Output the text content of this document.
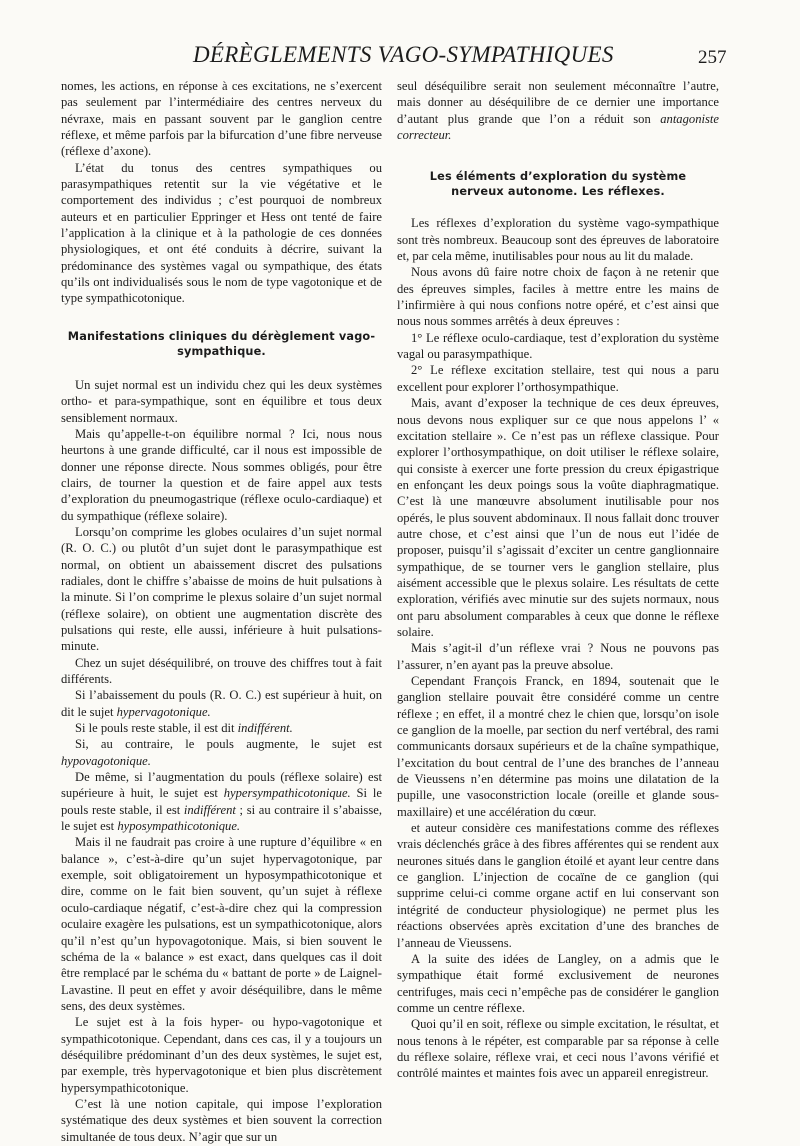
DÉRÈGLEMENTS VAGO-SYMPATHIQUES	257

nomes, les actions, en réponse à ces excitations, ne s’exercent pas seulement par l’intermédiaire des centres nerveux du névraxe, mais en passant souvent par le ganglion centre réflexe, et même parfois par la bifurcation d’une fibre nerveuse (réflexe d’axone).

L’état du tonus des centres sympathiques ou parasympathiques retentit sur la vie végétative et le comportement des individus ; c’est pourquoi de nombreux auteurs et en particulier Eppringer et Hess ont tenté de faire l’application à la clinique et à la pathologie de ces données physiologiques, et ont été conduits à décrire, suivant la prédominance des systèmes vagal ou sympathique, des états qu’ils ont individualisés sous le nom de type vagotonique et de type sympathicotonique.

Manifestations cliniques du dérèglement vago-sympathique.

Un sujet normal est un individu chez qui les deux systèmes ortho- et para-sympathique, sont en équilibre et tous deux sensiblement normaux.

Mais qu’appelle-t-on équilibre normal ? Ici, nous nous heurtons à une grande difficulté, car il nous est impossible de donner une réponse directe. Nous sommes obligés, pour être clairs, de tourner la question et de faire appel aux tests d’exploration du pneumogastrique (réflexe oculo-cardiaque) et du sympathique (réflexe solaire).

Lorsqu’on comprime les globes oculaires d’un sujet normal (R. O. C.) ou plutôt d’un sujet dont le parasympathique est normal, on obtient un abaissement discret des pulsations radiales, dont le chiffre s’abaisse de moins de huit pulsations à la minute. Si l’on comprime le plexus solaire d’un sujet normal (réflexe solaire), on obtient une augmentation discrète des pulsations qui reste, elle aussi, inférieure à huit pulsations-minute.

Chez un sujet déséquilibré, on trouve des chiffres tout à fait différents.

Si l’abaissement du pouls (R. O. C.) est supérieur à huit, on dit le sujet hypervagotonique.

Si le pouls reste stable, il est dit indifférent.

Si, au contraire, le pouls augmente, le sujet est hypovagotonique.

De même, si l’augmentation du pouls (réflexe solaire) est supérieure à huit, le sujet est hypersympathicotonique. Si le pouls reste stable, il est indifférent ; si au contraire il s’abaisse, le sujet est hyposympathicotonique.

Mais il ne faudrait pas croire à une rupture d’équilibre « en balance », c’est-à-dire qu’un sujet hypervagotonique, par exemple, soit obligatoirement un hyposympathicotonique et dire, comme on le fait bien souvent, qu’un sujet à réflexe oculo-cardiaque négatif, c’est-à-dire chez qui la compression oculaire exagère les pulsations, est un sympathicotonique, alors qu’il n’est qu’un hypovagotonique. Mais, si bien souvent le schéma de la « balance » est exact, dans quelques cas il doit être remplacé par le schéma du « battant de porte » de Laignel-Lavastine. Il peut en effet y avoir déséquilibre, dans le même sens, des deux systèmes.

Le sujet est à la fois hyper- ou hypo-vagotonique et sympathicotonique. Cependant, dans ces cas, il y a toujours un déséquilibre prédominant d’un des deux systèmes, le sujet est, par exemple, très hypervagotonique et bien plus discrètement hypersympathicotonique.

C’est là une notion capitale, qui impose l’exploration systématique des deux systèmes et bien souvent la correction simultanée de tous deux. N’agir que sur un

seul déséquilibre serait non seulement méconnaître l’autre, mais donner au déséquilibre de ce dernier une importance d’autant plus grande que l’on a réduit son antagoniste correcteur.

Les éléments d’exploration du système nerveux autonome. Les réflexes.

Les réflexes d’exploration du système vago-sympathique sont très nombreux. Beaucoup sont des épreuves de laboratoire et, par cela même, inutilisables pour nous au lit du malade.

Nous avons dû faire notre choix de façon à ne retenir que des épreuves simples, faciles à mettre entre les mains de l’infirmière à qui nous confions notre opéré, et c’est ainsi que nous nous sommes arrêtés à deux épreuves :

1° Le réflexe oculo-cardiaque, test d’exploration du système vagal ou parasympathique.

2° Le réflexe excitation stellaire, test qui nous a paru excellent pour explorer l’orthosympathique.

Mais, avant d’exposer la technique de ces deux épreuves, nous devons nous expliquer sur ce que nous appelons l’ « excitation stellaire ». Ce n’est pas un réflexe classique. Pour explorer l’orthosympathique, on doit utiliser le réflexe solaire, qui consiste à exercer une forte pression du creux épigastrique en enfonçant les deux poings sous la voûte diaphragmatique. C’est là une manœuvre absolument inutilisable pour nos opérés, le plus souvent abdominaux. Il nous fallait donc trouver autre chose, et c’est ainsi que l’un de nous eut l’idée de proposer, puisqu’il s’agissait d’exciter un centre ganglionnaire sympathique, de se tourner vers le ganglion stellaire, plus aisément accessible que le plexus solaire. Les résultats de cette exploration, vérifiés avec minutie sur des sujets normaux, nous ont paru absolument comparables à ceux que donne le réflexe solaire.

Mais s’agit-il d’un réflexe vrai ? Nous ne pouvons pas l’assurer, n’en ayant pas la preuve absolue.

Cependant François Franck, en 1894, soutenait que le ganglion stellaire pouvait être considéré comme un centre réflexe ; en effet, il a montré chez le chien que, lorsqu’on isole ce ganglion de la moelle, par section du nerf vertébral, des rami communicants dorsaux supérieurs et de la chaîne sympathique, l’excitation du bout central de l’une des branches de l’anneau de Vieussens n’en détermine pas moins une dilatation de la pupille, une vasoconstriction locale (oreille et glande sous-maxillaire) et une accélération du cœur.

et auteur considère ces manifestations comme des réflexes vrais déclenchés grâce à des fibres afférentes qui se rendent aux neurones situés dans le ganglion étoilé et ayant leur centre dans ce ganglion. L’injection de cocaïne de ce ganglion (qui supprime celui-ci comme organe actif en lui conservant son intégrité de conducteur physiologique) ne permet plus les réactions observées après excitation d’une des branches de l’anneau de Vieussens.

A la suite des idées de Langley, on a admis que le sympathique était formé exclusivement de neurones centrifuges, mais ceci n’empêche pas de considérer le ganglion comme un centre réflexe.

Quoi qu’il en soit, réflexe ou simple excitation, le résultat, et nous tenons à le répéter, est comparable par sa réponse à celle du réflexe solaire, réflexe vrai, et ceci nous l’avons vérifié et contrôlé maintes et maintes fois avec un appareil enregistreur.
